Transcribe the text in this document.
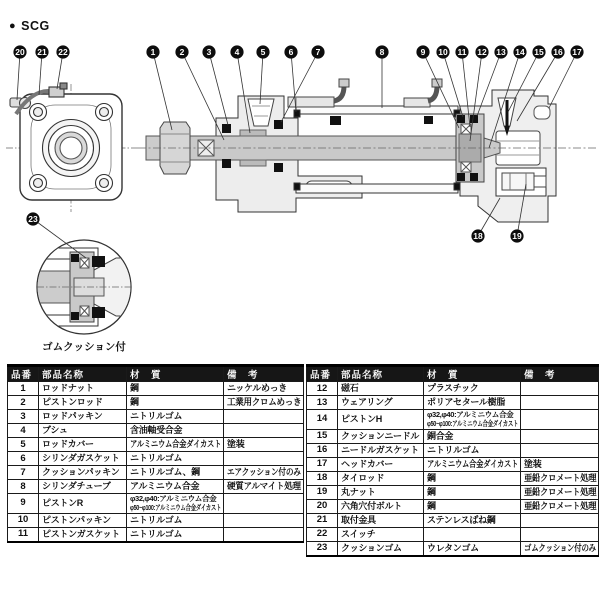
● SCG
ゴムクッション付
1	2	3	4	5	6	7	8	9 10 11 12 13 14 15 16 17
18	19
20 21 22
23
品番	部品名称	材　質	備　考
1	ロッドナット	鋼	ニッケルめっき
2	ピストンロッド	鋼	工業用クロムめっき
3	ロッドパッキン	ニトリルゴム	
4	ブシュ	含油軸受合金	
5	ロッドカバー	アルミニウム合金ダイカスト	塗装
6	シリンダガスケット	ニトリルゴム	
7	クッションパッキン	ニトリルゴム、鋼	エアクッション付のみ
8	シリンダチューブ	アルミニウム合金	硬質アルマイト処理
9	ピストンR	φ32,φ40:アルミニウム合金
φ50~φ100:アルミニウム合金ダイカスト	

10	ピストンパッキン	ニトリルゴム	
11	ピストンガスケット	ニトリルゴム	
品番	部品名称	材　質	備　考
12	磁石	プラスチック	
13	ウェアリング	ポリアセタール樹脂	
14	ピストンH	φ32,φ40:アルミニウム合金
φ50~φ100:アルミニウム合金ダイカスト	

15	クッションニードル	銅合金	
16	ニードルガスケット	ニトリルゴム	
17	ヘッドカバー	アルミニウム合金ダイカスト	塗装
18	タイロッド	鋼	亜鉛クロメート処理
19	丸ナット	鋼	亜鉛クロメート処理
20	六角穴付ボルト	鋼	亜鉛クロメート処理
21	取付金具	ステンレスばね鋼	
22	スイッチ		
23	クッションゴム	ウレタンゴム	ゴムクッション付のみ
